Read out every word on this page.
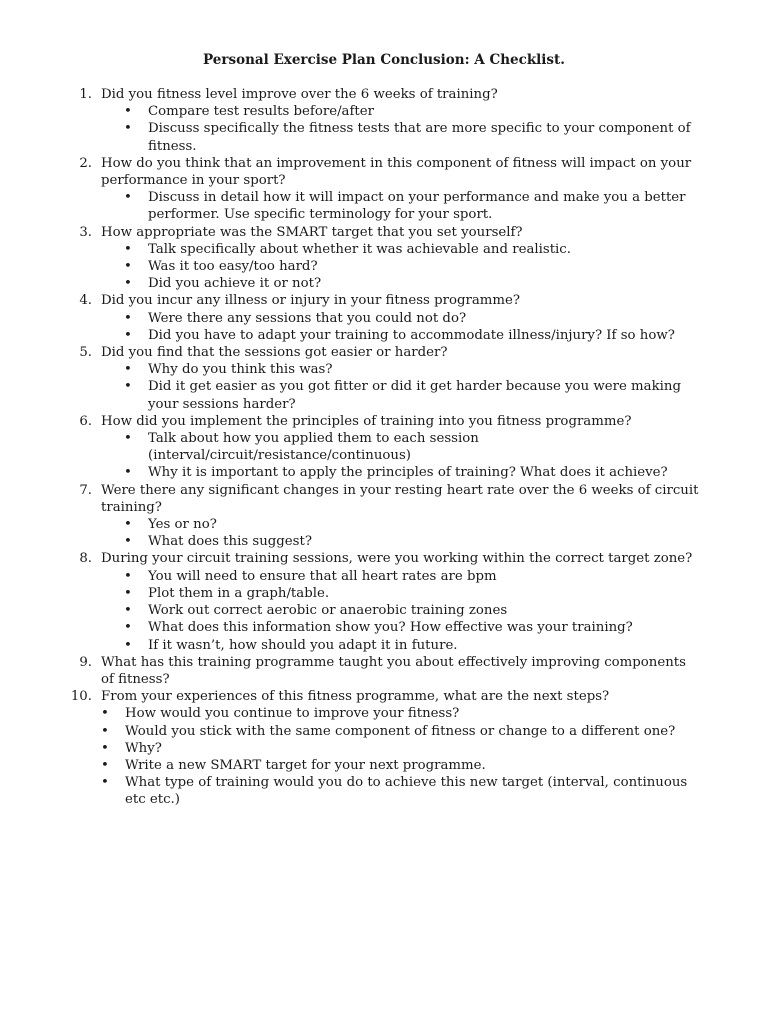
Personal Exercise Plan Conclusion: A Checklist.
1. Did you fitness level improve over the 6 weeks of training?
• Compare test results before/after
• Discuss specifically the fitness tests that are more specific to your component of fitness.
2. How do you think that an improvement in this component of fitness will impact on your performance in your sport?
• Discuss in detail how it will impact on your performance and make you a better performer. Use specific terminology for your sport.
3. How appropriate was the SMART target that you set yourself?
• Talk specifically about whether it was achievable and realistic.
• Was it too easy/too hard?
• Did you achieve it or not?
4. Did you incur any illness or injury in your fitness programme?
• Were there any sessions that you could not do?
• Did you have to adapt your training to accommodate illness/injury? If so how?
5. Did you find that the sessions got easier or harder?
• Why do you think this was?
• Did it get easier as you got fitter or did it get harder because you were making your sessions harder?
6. How did you implement the principles of training into you fitness programme?
• Talk about how you applied them to each session (interval/circuit/resistance/continuous)
• Why it is important to apply the principles of training? What does it achieve?
7. Were there any significant changes in your resting heart rate over the 6 weeks of circuit training?
• Yes or no?
• What does this suggest?
8. During your circuit training sessions, were you working within the correct target zone?
• You will need to ensure that all heart rates are bpm
• Plot them in a graph/table.
• Work out correct aerobic or anaerobic training zones
• What does this information show you? How effective was your training?
• If it wasn’t, how should you adapt it in future.
9. What has this training programme taught you about effectively improving components of fitness?
10. From your experiences of this fitness programme, what are the next steps?
• How would you continue to improve your fitness?
• Would you stick with the same component of fitness or change to a different one?
• Why?
• Write a new SMART target for your next programme.
• What type of training would you do to achieve this new target (interval, continuous etc etc.)
